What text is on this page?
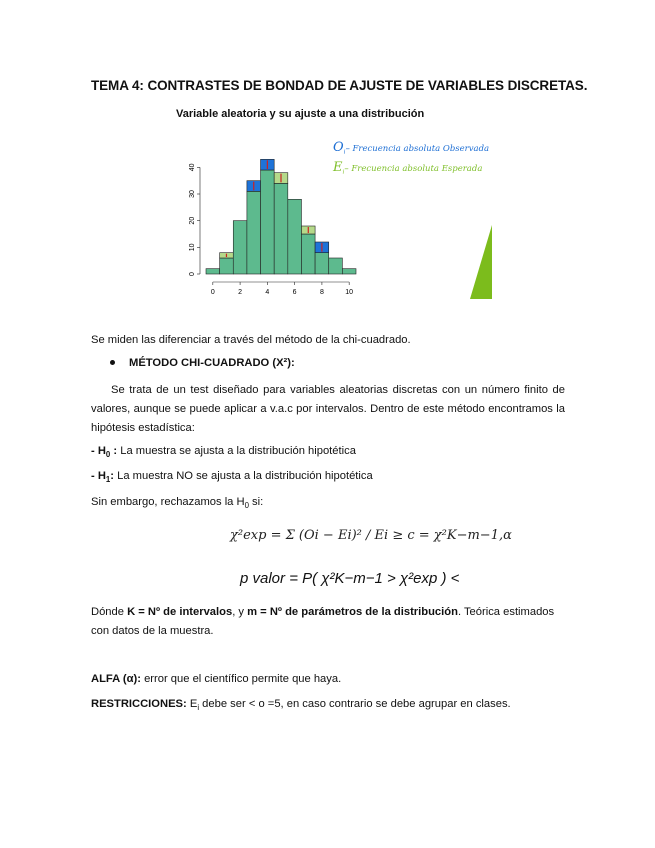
TEMA 4: CONTRASTES DE BONDAD DE AJUSTE DE VARIABLES DISCRETAS.
Variable aleatoria y su ajuste a una distribución
0	2	4	6	8	10
0
10
20
30
40
$O_i-$ Frecuencia absoluta Observada
$E_i-$ Frecuencia absoluta Esperada
Se miden las diferenciar a través del método de la chi-cuadrado.
MÉTODO CHI-CUADRADO (X²):
Se trata de un test diseñado para variables aleatorias discretas con un número finito de valores, aunque se puede aplicar a v.a.c por intervalos. Dentro de este método encontramos la hipótesis estadística:
- $H_0$ : La muestra se ajusta a la distribución hipotética
- $H_1$: La muestra NO se ajusta a la distribución hipotética
Sin embargo, rechazamos la $H_0$ si:
χ²exp = Σ (Oi − Ei)² / Ei ≥ c = χ²K−m−1,α
p valor = P( χ²K−m−1 > χ²exp ) <
Dónde K = Nº de intervalos, y m = Nº de parámetros de la distribución. Teórica estimados con datos de la muestra.
ALFA (α): error que el científico permite que haya.
RESTRICCIONES: $E_i$ debe ser < o =5, en caso contrario se debe agrupar en clases.
